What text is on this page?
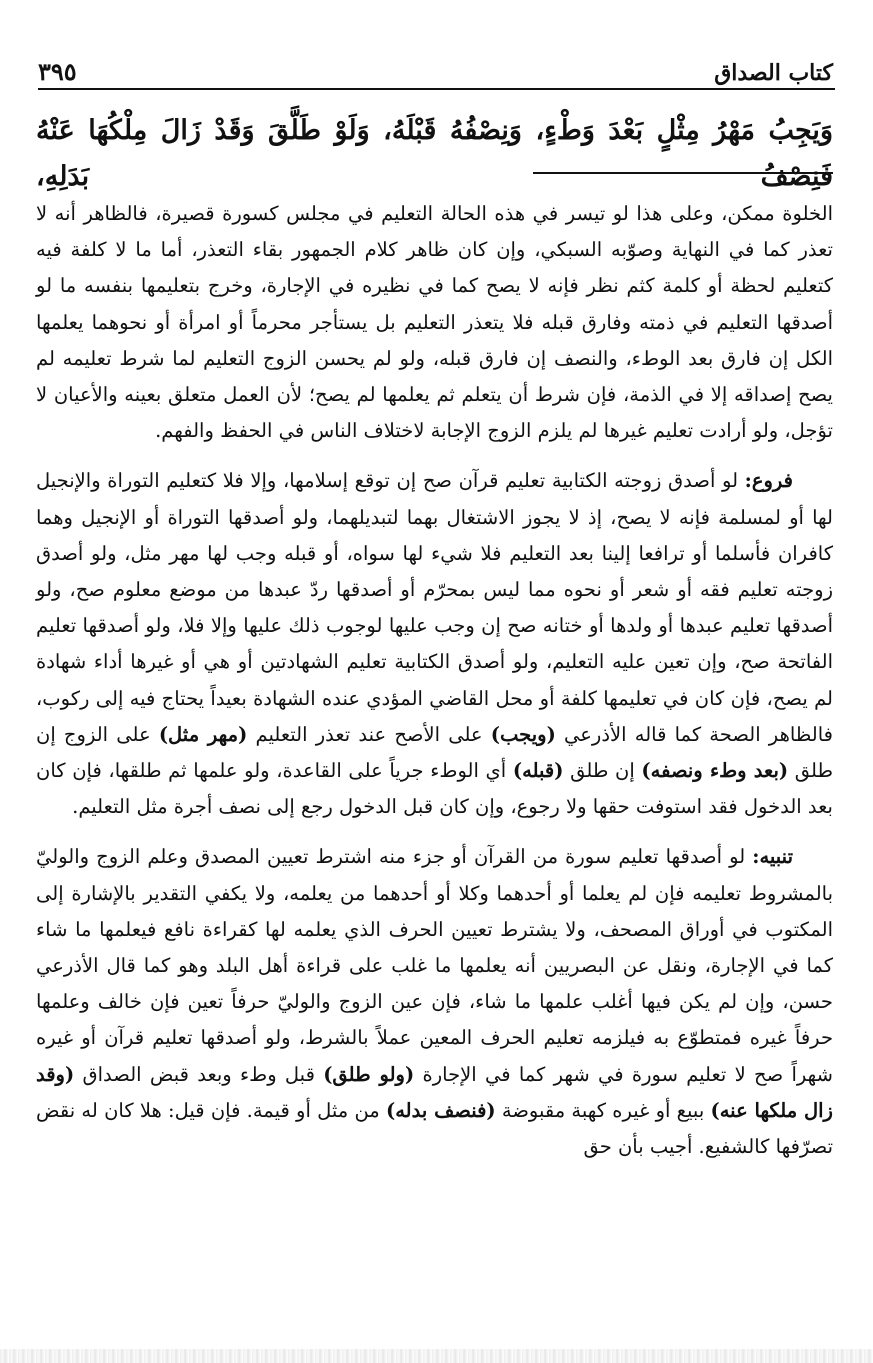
كتاب الصداق
٣٩٥
وَيَجِبُ مَهْرُ مِثْلٍ بَعْدَ وَطْءٍ، وَنِصْفُهُ قَبْلَهُ، وَلَوْ طَلَّقَ وَقَدْ زَالَ مِلْكُهَا عَنْهُ فَنِصْفُ بَدَلِهِ،

الخلوة ممكن، وعلى هذا لو تيسر في هذه الحالة التعليم في مجلس كسورة قصيرة، فالظاهر أنه لا تعذر كما في النهاية وصوّبه السبكي، وإن كان ظاهر كلام الجمهور بقاء التعذر، أما ما لا كلفة فيه كتعليم لحظة أو كلمة كثم نظر فإنه لا يصح كما في نظيره في الإجارة، وخرج بتعليمها بنفسه ما لو أصدقها التعليم في ذمته وفارق قبله فلا يتعذر التعليم بل يستأجر محرماً أو امرأة أو نحوهما يعلمها الكل إن فارق بعد الوطء، والنصف إن فارق قبله، ولو لم يحسن الزوج التعليم لما شرط تعليمه لم يصح إصداقه إلا في الذمة، فإن شرط أن يتعلم ثم يعلمها لم يصح؛ لأن العمل متعلق بعينه والأعيان لا تؤجل، ولو أرادت تعليم غيرها لم يلزم الزوج الإجابة لاختلاف الناس في الحفظ والفهم.

فروع: لو أصدق زوجته الكتابية تعليم قرآن صح إن توقع إسلامها، وإلا فلا كتعليم التوراة والإنجيل لها أو لمسلمة فإنه لا يصح، إذ لا يجوز الاشتغال بهما لتبديلهما، ولو أصدقها التوراة أو الإنجيل وهما كافران فأسلما أو ترافعا إلينا بعد التعليم فلا شيء لها سواه، أو قبله وجب لها مهر مثل، ولو أصدق زوجته تعليم فقه أو شعر أو نحوه مما ليس بمحرّم أو أصدقها ردّ عبدها من موضع معلوم صح، ولو أصدقها تعليم عبدها أو ولدها أو ختانه صح إن وجب عليها لوجوب ذلك عليها وإلا فلا، ولو أصدقها تعليم الفاتحة صح، وإن تعين عليه التعليم، ولو أصدق الكتابية تعليم الشهادتين أو هي أو غيرها أداء شهادة لم يصح، فإن كان في تعليمها كلفة أو محل القاضي المؤدي عنده الشهادة بعيداً يحتاج فيه إلى ركوب، فالظاهر الصحة كما قاله الأذرعي (ويجب) على الأصح عند تعذر التعليم (مهر مثل) على الزوج إن طلق (بعد وطء ونصفه) إن طلق (قبله) أي الوطء جرياً على القاعدة، ولو علمها ثم طلقها، فإن كان بعد الدخول فقد استوفت حقها ولا رجوع، وإن كان قبل الدخول رجع إلى نصف أجرة مثل التعليم.

تنبيه: لو أصدقها تعليم سورة من القرآن أو جزء منه اشترط تعيين المصدق وعلم الزوج والوليّ بالمشروط تعليمه فإن لم يعلما أو أحدهما وكلا أو أحدهما من يعلمه، ولا يكفي التقدير بالإشارة إلى المكتوب في أوراق المصحف، ولا يشترط تعيين الحرف الذي يعلمه لها كقراءة نافع فيعلمها ما شاء كما في الإجارة، ونقل عن البصريين أنه يعلمها ما غلب على قراءة أهل البلد وهو كما قال الأذرعي حسن، وإن لم يكن فيها أغلب علمها ما شاء، فإن عين الزوج والوليّ حرفاً تعين فإن خالف وعلمها حرفاً غيره فمتطوّع به فيلزمه تعليم الحرف المعين عملاً بالشرط، ولو أصدقها تعليم قرآن أو غيره شهراً صح لا تعليم سورة في شهر كما في الإجارة (ولو طلق) قبل وطء وبعد قبض الصداق (وقد زال ملكها عنه) ببيع أو غيره كهبة مقبوضة (فنصف بدله) من مثل أو قيمة. فإن قيل: هلا كان له نقض تصرّفها كالشفيع. أجيب بأن حق
